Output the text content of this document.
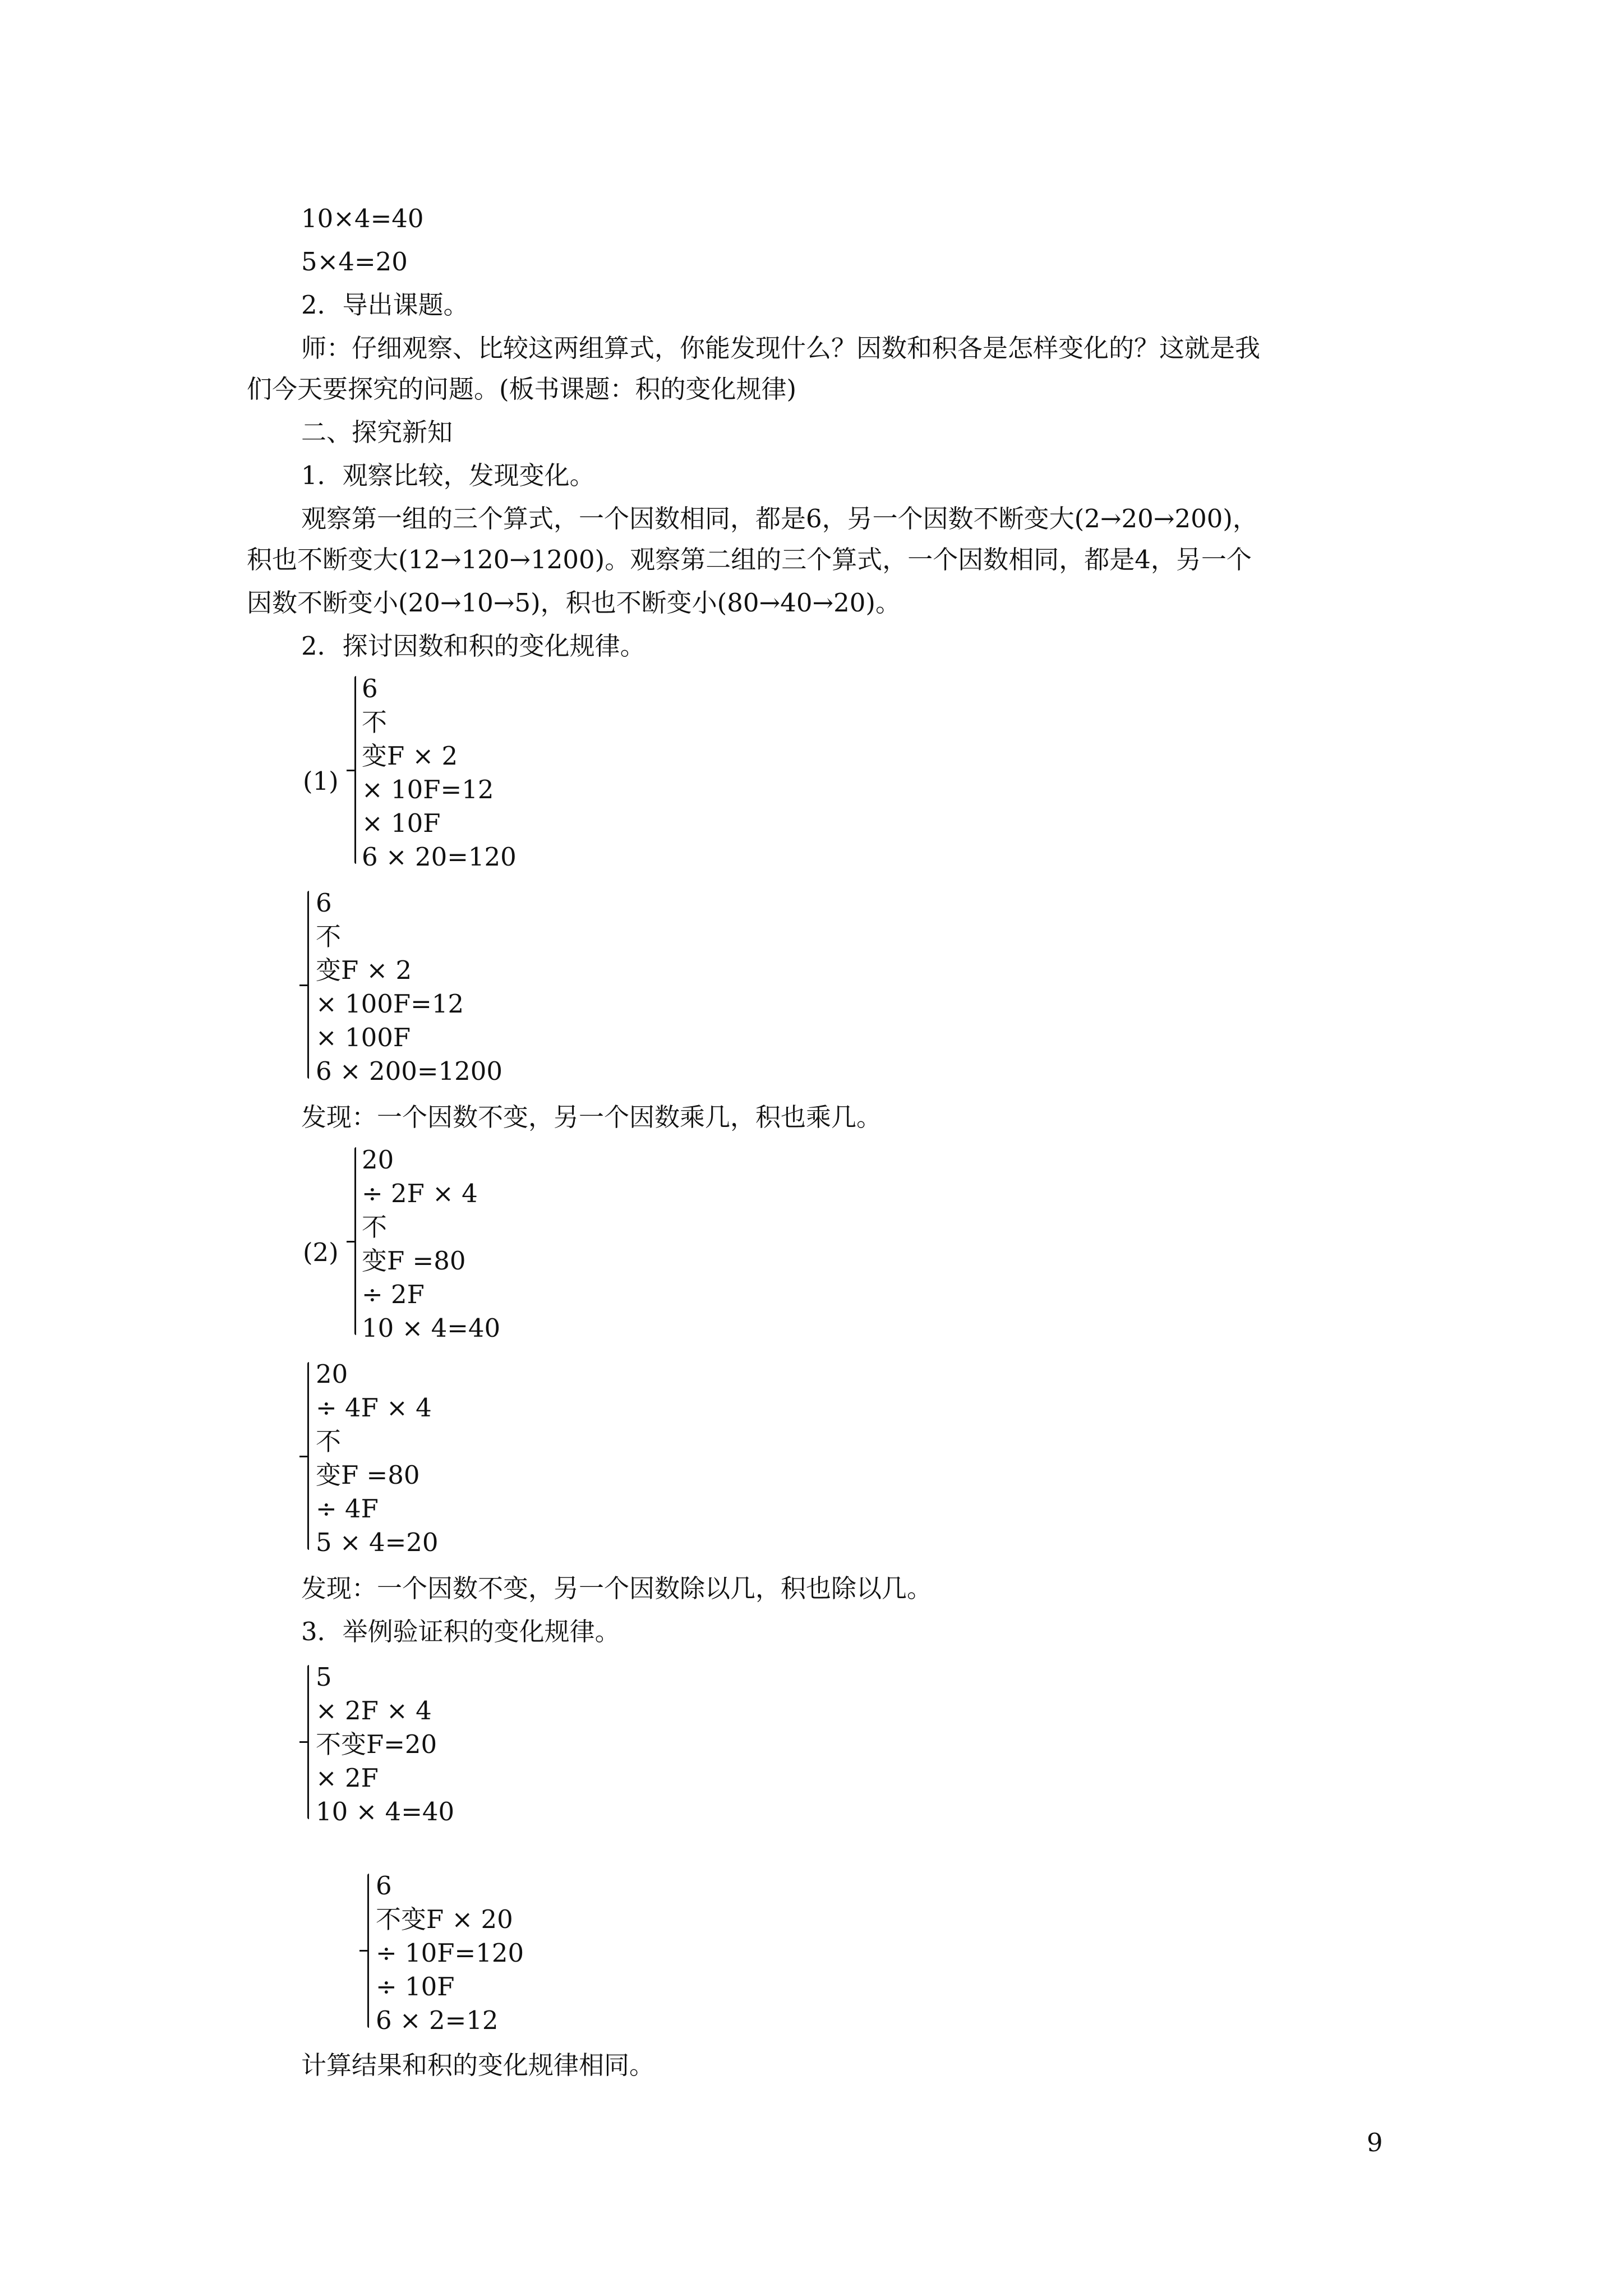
10×4=40
5×4=20
2．导出课题。
师：仔细观察、比较这两组算式，你能发现什么？因数和积各是怎样变化的？这就是我
们今天要探究的问题。(板书课题：积的变化规律)
二、探究新知
1．观察比较，发现变化。
观察第一组的三个算式，一个因数相同，都是6，另一个因数不断变大(2→20→200)，
积也不断变大(12→120→1200)。观察第二组的三个算式，一个因数相同，都是4，另一个
因数不断变小(20→10→5)，积也不断变小(80→40→20)。
2．探讨因数和积的变化规律。
(1)
6
不
变F × 2
× 10F=12
× 10F
6 × 20=120
6
不
变F × 2
× 100F=12
× 100F
6 × 200=1200
发现：一个因数不变，另一个因数乘几，积也乘几。
(2)
20
÷ 2F × 4
不
变F =80
÷ 2F
10 × 4=40
20
÷ 4F × 4
不
变F =80
÷ 4F
5 × 4=20
发现：一个因数不变，另一个因数除以几，积也除以几。
3．举例验证积的变化规律。
5
× 2F × 4
不变F=20
× 2F
10 × 4=40
6
不变F × 20
÷ 10F=120
÷ 10F
6 × 2=12
计算结果和积的变化规律相同。
9
